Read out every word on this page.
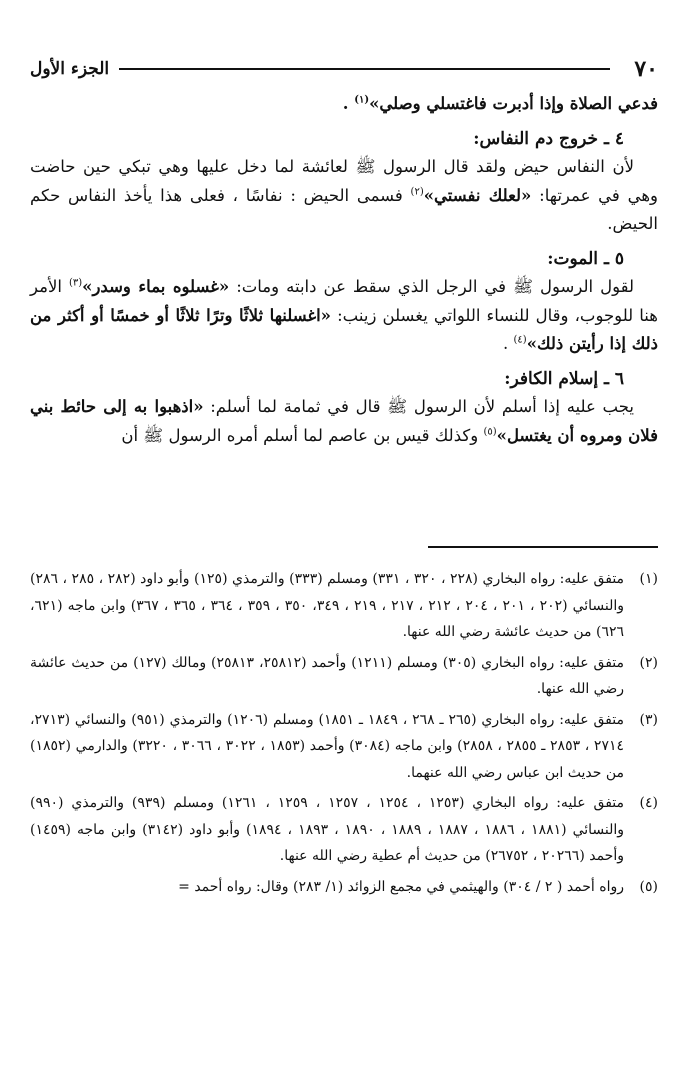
٧٠
الجزء الأول

فدعي الصلاة وإذا أدبرت فاغتسلي وصلي»$^{(١)}$ .

٤ ـ خروج دم النفاس:

لأن النفاس حيض ولقد قال الرسول ﷺ لعائشة لما دخل عليها وهي تبكي حين حاضت وهي في عمرتها: «لعلك نفستي»$^{(٢)}$ فسمى الحيض : نفاسًا ، فعلى هذا يأخذ النفاس حكم الحيض.

٥ ـ الموت:

لقول الرسول ﷺ في الرجل الذي سقط عن دابته ومات: «غسلوه بماء وسدر»$^{(٣)}$ الأمر هنا للوجوب، وقال للنساء اللواتي يغسلن زينب: «اغسلنها ثلاثًا وترًا ثلاثًا أو خمسًا أو أكثر من ذلك إذا رأيتن ذلك»$^{(٤)}$ .

٦ ـ إسلام الكافر:

يجب عليه إذا أسلم لأن الرسول ﷺ قال في ثمامة لما أسلم: «اذهبوا به إلى حائط بني فلان ومروه أن يغتسل»$^{(٥)}$ وكذلك قيس بن عاصم لما أسلم أمره الرسول ﷺ أن

(١)
متفق عليه: رواه البخاري (٢٢٨ ، ٣٢٠ ، ٣٣١) ومسلم (٣٣٣) والترمذي (١٢٥) وأبو داود (٢٨٢ ، ٢٨٥ ، ٢٨٦) والنسائي (٢٠٢ ، ٢٠١ ، ٢٠٤ ، ٢١٢ ، ٢١٧ ، ٢١٩ ، ٣٤٩، ٣٥٠ ، ٣٥٩ ، ٣٦٤ ، ٣٦٥ ، ٣٦٧) وابن ماجه (٦٢١، ٦٢٦) من حديث عائشة رضي الله عنها.
(٢)
متفق عليه: رواه البخاري (٣٠٥) ومسلم (١٢١١) وأحمد (٢٥٨١٢، ٢٥٨١٣) ومالك (١٢٧) من حديث عائشة رضي الله عنها.
(٣)
متفق عليه: رواه البخاري (٢٦٥ ـ ٢٦٨ ، ١٨٤٩ ـ ١٨٥١) ومسلم (١٢٠٦) والترمذي (٩٥١) والنسائي (٢٧١٣، ٢٧١٤ ، ٢٨٥٣ ـ ٢٨٥٥ ، ٢٨٥٨) وابن ماجه (٣٠٨٤) وأحمد (١٨٥٣ ، ٣٠٢٢ ، ٣٠٦٦ ، ٣٢٢٠) والدارمي (١٨٥٢) من حديث ابن عباس رضي الله عنهما.
(٤)
متفق عليه: رواه البخاري (١٢٥٣ ، ١٢٥٤ ، ١٢٥٧ ، ١٢٥٩ ، ١٢٦١) ومسلم (٩٣٩) والترمذي (٩٩٠) والنسائي (١٨٨١ ، ١٨٨٦ ، ١٨٨٧ ، ١٨٨٩ ، ١٨٩٠ ، ١٨٩٣ ، ١٨٩٤) وأبو داود (٣١٤٢) وابن ماجه (١٤٥٩) وأحمد (٢٠٢٦٦ ، ٢٦٧٥٢) من حديث أم عطية رضي الله عنها.
(٥)
رواه أحمد ( ٢ / ٣٠٤) والهيثمي في مجمع الزوائد (١/ ٢٨٣) وقال: رواه أحمد =
